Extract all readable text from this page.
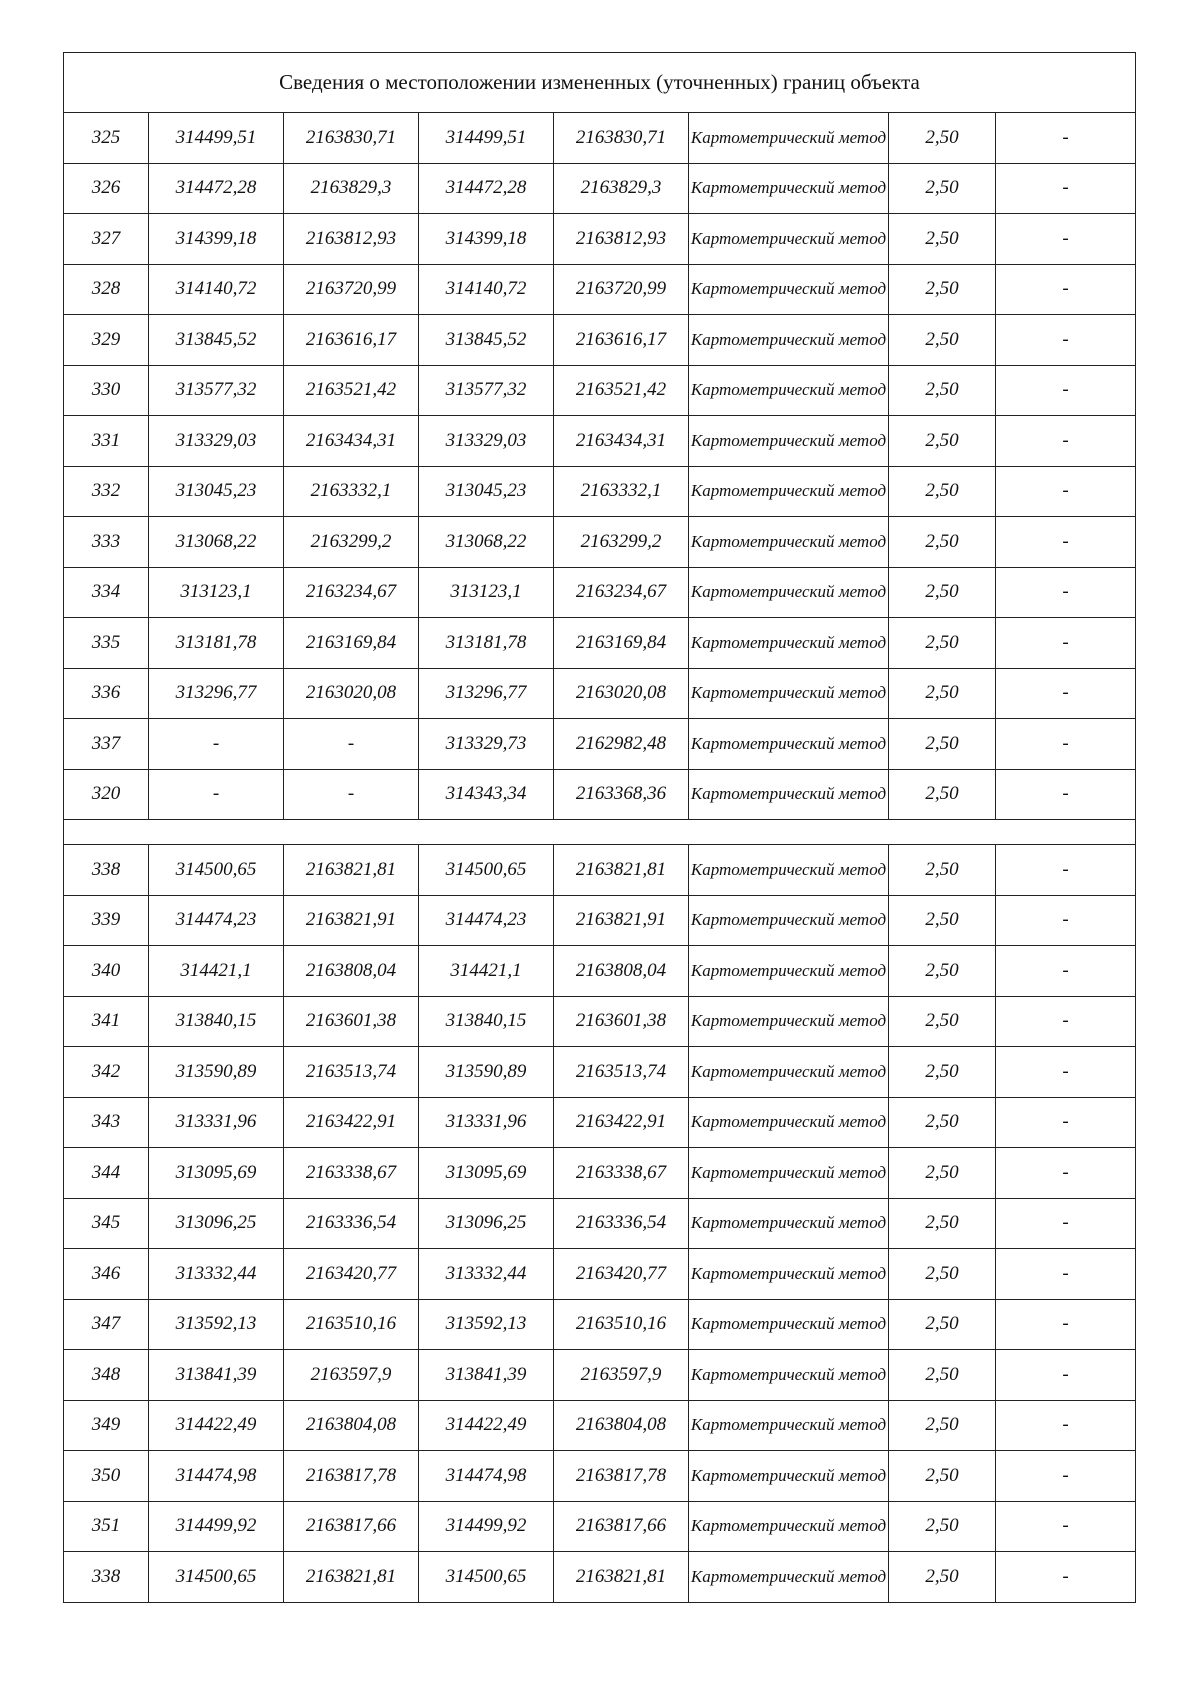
Сведения о местоположении измененных (уточненных) границ объекта							
325	314499,51	2163830,71	314499,51	2163830,71	Картометрический метод	2,50	-
326	314472,28	2163829,3	314472,28	2163829,3	Картометрический метод	2,50	-
327	314399,18	2163812,93	314399,18	2163812,93	Картометрический метод	2,50	-
328	314140,72	2163720,99	314140,72	2163720,99	Картометрический метод	2,50	-
329	313845,52	2163616,17	313845,52	2163616,17	Картометрический метод	2,50	-
330	313577,32	2163521,42	313577,32	2163521,42	Картометрический метод	2,50	-
331	313329,03	2163434,31	313329,03	2163434,31	Картометрический метод	2,50	-
332	313045,23	2163332,1	313045,23	2163332,1	Картометрический метод	2,50	-
333	313068,22	2163299,2	313068,22	2163299,2	Картометрический метод	2,50	-
334	313123,1	2163234,67	313123,1	2163234,67	Картометрический метод	2,50	-
335	313181,78	2163169,84	313181,78	2163169,84	Картометрический метод	2,50	-
336	313296,77	2163020,08	313296,77	2163020,08	Картометрический метод	2,50	-
337	-	-	313329,73	2162982,48	Картометрический метод	2,50	-
320	-	-	314343,34	2163368,36	Картометрический метод	2,50	-

338	314500,65	2163821,81	314500,65	2163821,81	Картометрический метод	2,50	-
339	314474,23	2163821,91	314474,23	2163821,91	Картометрический метод	2,50	-
340	314421,1	2163808,04	314421,1	2163808,04	Картометрический метод	2,50	-
341	313840,15	2163601,38	313840,15	2163601,38	Картометрический метод	2,50	-
342	313590,89	2163513,74	313590,89	2163513,74	Картометрический метод	2,50	-
343	313331,96	2163422,91	313331,96	2163422,91	Картометрический метод	2,50	-
344	313095,69	2163338,67	313095,69	2163338,67	Картометрический метод	2,50	-
345	313096,25	2163336,54	313096,25	2163336,54	Картометрический метод	2,50	-
346	313332,44	2163420,77	313332,44	2163420,77	Картометрический метод	2,50	-
347	313592,13	2163510,16	313592,13	2163510,16	Картометрический метод	2,50	-
348	313841,39	2163597,9	313841,39	2163597,9	Картометрический метод	2,50	-
349	314422,49	2163804,08	314422,49	2163804,08	Картометрический метод	2,50	-
350	314474,98	2163817,78	314474,98	2163817,78	Картометрический метод	2,50	-
351	314499,92	2163817,66	314499,92	2163817,66	Картометрический метод	2,50	-
338	314500,65	2163821,81	314500,65	2163821,81	Картометрический метод	2,50	-
